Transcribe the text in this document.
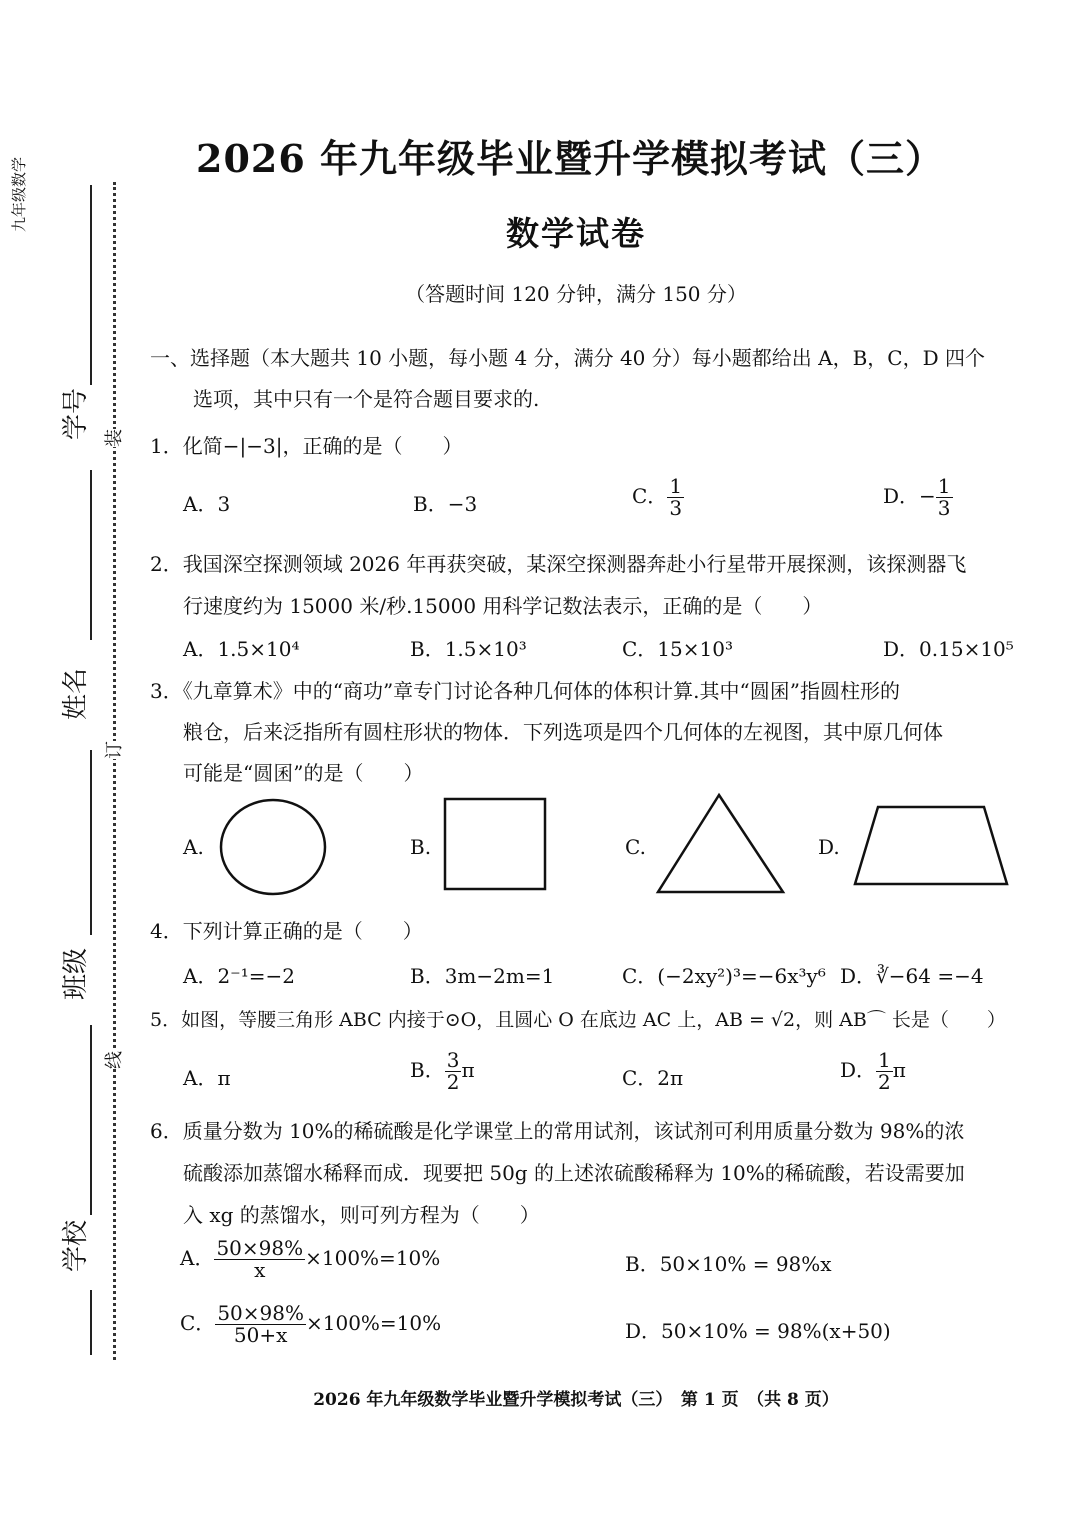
九年级数学
学号
姓名
班级
学校
装
订
线
2026 年九年级毕业暨升学模拟考试（三）
数学试卷
（答题时间 120 分钟，满分 150 分）
一、选择题（本大题共 10 小题，每小题 4 分，满分 40 分）每小题都给出 A，B，C，D 四个
选项，其中只有一个是符合题目要求的.
1．化简−|−3|，正确的是（　　）
A．3	B．−3	C． $\frac{1}{3}$	D．− $\frac{1}{3}$
2．我国深空探测领域 2026 年再获突破，某深空探测器奔赴小行星带开展探测，该探测器飞
行速度约为 15000 米/秒.15000 用科学记数法表示，正确的是（　　）
A．1.5×10⁴	B．1.5×10³	C．15×10³	D．0.15×10⁵
3．《九章算术》中的“商功”章专门讨论各种几何体的体积计算.其中“圆囷”指圆柱形的
粮仓，后来泛指所有圆柱形状的物体．下列选项是四个几何体的左视图，其中原几何体
可能是“圆囷”的是（　　）
A.	B.	C.	D.
4．下列计算正确的是（　　）
A．2⁻¹=−2	B．3m−2m=1	C．(−2xy²)³=−6x³y⁶ D．∛−64 =−4
5．如图，等腰三角形 ABC 内接于⊙O，且圆心 O 在底边 AC 上，AB = √2，则 AB⌒ 长是（　　）
A．π	B． $\frac{3}{2}$ π	C．2π	D． $\frac{1}{2}$ π
6．质量分数为 10%的稀硫酸是化学课堂上的常用试剂，该试剂可利用质量分数为 98%的浓
硫酸添加蒸馏水稀释而成．现要把 50g 的上述浓硫酸稀释为 10%的稀硫酸，若设需要加
入 xg 的蒸馏水，则可列方程为（　　）
A． $\frac{50\times 98\%}{x} \times 100\%=10\%$	B．50×10% = 98%x
C． $\frac{50\times 98\%}{50+x} \times 100\%=10\%$	D．50×10% = 98%(x+50)
2026 年九年级数学毕业暨升学模拟考试（三）　第 1 页　（共 8 页）
